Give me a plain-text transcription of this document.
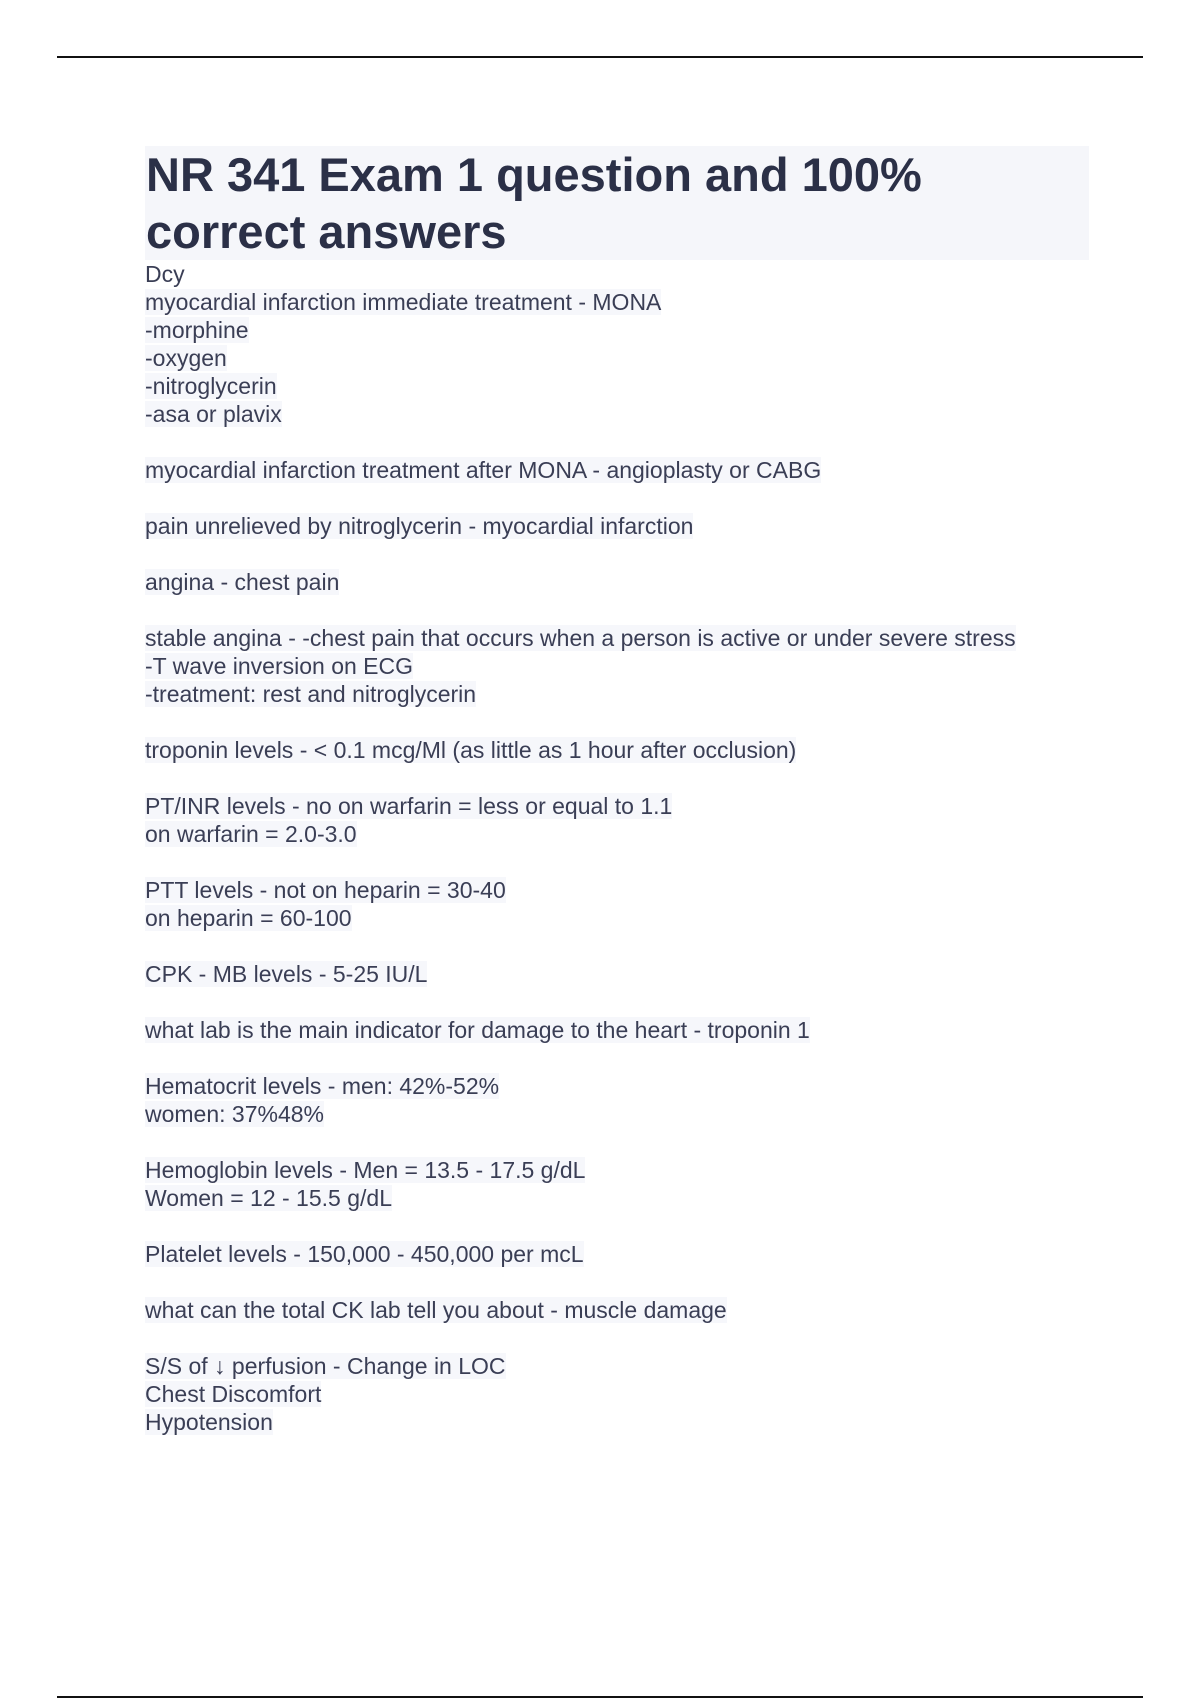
NR 341 Exam 1 question and 100% correct answers
Dcy
myocardial infarction immediate treatment - MONA
-morphine
-oxygen
-nitroglycerin
-asa or plavix
myocardial infarction treatment after MONA - angioplasty or CABG
pain unrelieved by nitroglycerin - myocardial infarction
angina - chest pain
stable angina - -chest pain that occurs when a person is active or under severe stress
-T wave inversion on ECG
-treatment: rest and nitroglycerin
troponin levels - < 0.1 mcg/Ml (as little as 1 hour after occlusion)
PT/INR levels - no on warfarin = less or equal to 1.1
on warfarin = 2.0-3.0
PTT levels - not on heparin = 30-40
on heparin = 60-100
CPK - MB levels - 5-25 IU/L
what lab is the main indicator for damage to the heart - troponin 1
Hematocrit levels - men: 42%-52%
women: 37%48%
Hemoglobin levels - Men = 13.5 - 17.5 g/dL
Women = 12 - 15.5 g/dL
Platelet levels - 150,000 - 450,000 per mcL
what can the total CK lab tell you about - muscle damage
S/S of ↓ perfusion - Change in LOC
Chest Discomfort
Hypotension
